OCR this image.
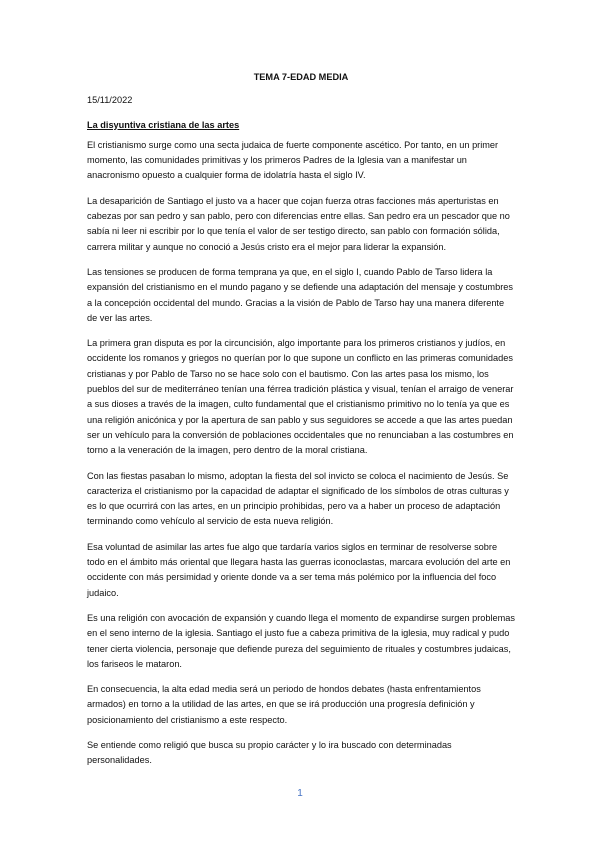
TEMA 7-EDAD MEDIA
15/11/2022
La disyuntiva cristiana de las artes

El cristianismo surge como una secta judaica de fuerte componente ascético. Por tanto, en un primer momento, las comunidades primitivas y los primeros Padres de la Iglesia van a manifestar un anacronismo opuesto a cualquier forma de idolatría hasta el siglo IV.

La desaparición de Santiago el justo va a hacer que cojan fuerza otras facciones más aperturistas en cabezas por san pedro y san pablo, pero con diferencias entre ellas. San pedro era un pescador que no sabía ni leer ni escribir por lo que tenía el valor de ser testigo directo, san pablo con formación sólida, carrera militar y aunque no conoció a Jesús cristo era el mejor para liderar la expansión.

Las tensiones se producen de forma temprana ya que, en el siglo I, cuando Pablo de Tarso lidera la expansión del cristianismo en el mundo pagano y se defiende una adaptación del mensaje y costumbres a la concepción occidental del mundo. Gracias a la visión de Pablo de Tarso hay una manera diferente de ver las artes.

La primera gran disputa es por la circuncisión, algo importante para los primeros cristianos y judíos, en occidente los romanos y griegos no querían por lo que supone un conflicto en las primeras comunidades cristianas y por Pablo de Tarso no se hace solo con el bautismo. Con las artes pasa los mismo, los pueblos del sur de mediterráneo tenían una férrea tradición plástica y visual, tenían el arraigo de venerar a sus dioses a través de la imagen, culto fundamental que el cristianismo primitivo no lo tenía ya que es una religión anicónica y por la apertura de san pablo y sus seguidores se accede a que las artes puedan ser un vehículo para la conversión de poblaciones occidentales que no renunciaban a las costumbres en torno a la veneración de la imagen, pero dentro de la moral cristiana.

Con las fiestas pasaban lo mismo, adoptan la fiesta del sol invicto se coloca el nacimiento de Jesús. Se caracteriza el cristianismo por la capacidad de adaptar el significado de los símbolos de otras culturas y es lo que ocurrirá con las artes, en un principio prohibidas, pero va a haber un proceso de adaptación terminando como vehículo al servicio de esta nueva religión.

Esa voluntad de asimilar las artes fue algo que tardaría varios siglos en terminar de resolverse sobre todo en el ámbito más oriental que llegara hasta las guerras iconoclastas, marcara evolución del arte en occidente con más persimidad y oriente donde va a ser tema más polémico por la influencia del foco judaico.

Es una religión con avocación de expansión y cuando llega el momento de expandirse surgen problemas en el seno interno de la iglesia. Santiago el justo fue a cabeza primitiva de la iglesia, muy radical y pudo tener cierta violencia, personaje que defiende pureza del seguimiento de rituales y costumbres judaicas, los fariseos le mataron.

En consecuencia, la alta edad media será un periodo de hondos debates (hasta enfrentamientos armados) en torno a la utilidad de las artes, en que se irá producción una progresía definición y posicionamiento del cristianismo a este respecto.

Se entiende como religió que busca su propio carácter y lo ira buscado con determinadas personalidades.

1
